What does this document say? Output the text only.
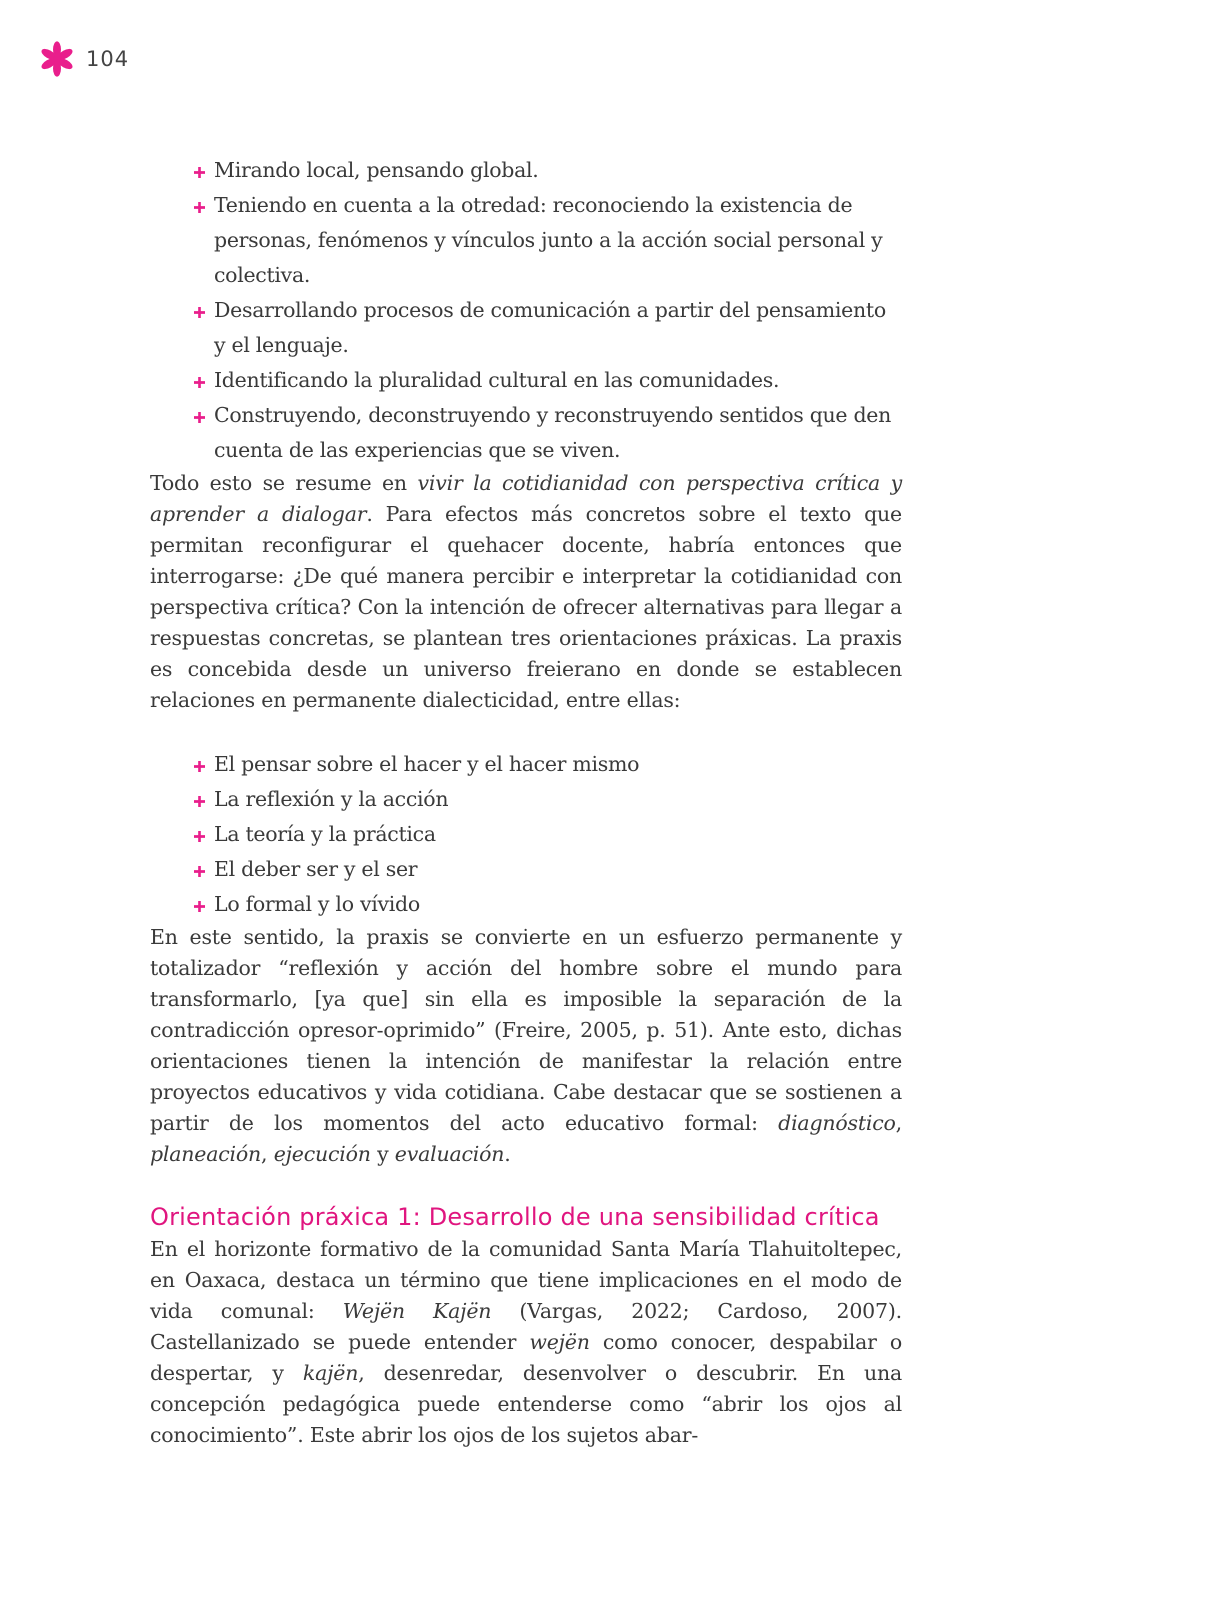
104
Mirando local, pensando global.
Teniendo en cuenta a la otredad: reconociendo la existencia de personas, fenómenos y vínculos junto a la acción social personal y colectiva.
Desarrollando procesos de comunicación a partir del pensamiento y el lenguaje.
Identificando la pluralidad cultural en las comunidades.
Construyendo, deconstruyendo y reconstruyendo sentidos que den cuenta de las experiencias que se viven.

Todo esto se resume en vivir la cotidianidad con perspectiva crítica y aprender a dialogar. Para efectos más concretos sobre el texto que permitan reconfigurar el quehacer docente, habría entonces que interrogarse: ¿De qué manera percibir e interpretar la cotidianidad con perspectiva crítica? Con la intención de ofrecer alternativas para llegar a respuestas concretas, se plantean tres orientaciones práxicas. La praxis es concebida desde un universo freierano en donde se establecen relaciones en permanente dialecticidad, entre ellas:

El pensar sobre el hacer y el hacer mismo
La reflexión y la acción
La teoría y la práctica
El deber ser y el ser
Lo formal y lo vívido

En este sentido, la praxis se convierte en un esfuerzo permanente y totalizador “reflexión y acción del hombre sobre el mundo para transformarlo, [ya que] sin ella es imposible la separación de la contradicción opresor-oprimido” (Freire, 2005, p. 51). Ante esto, dichas orientaciones tienen la intención de manifestar la relación entre proyectos educativos y vida cotidiana. Cabe destacar que se sostienen a partir de los momentos del acto educativo formal: diagnóstico, planeación, ejecución y evaluación.

Orientación práxica 1: Desarrollo de una sensibilidad crítica

En el horizonte formativo de la comunidad Santa María Tlahuitoltepec, en Oaxaca, destaca un término que tiene implicaciones en el modo de vida comunal: Wejën Kajën (Vargas, 2022; Cardoso, 2007). Castellanizado se puede entender wejën como conocer, despabilar o despertar, y kajën, desenredar, desenvolver o descubrir. En una concepción pedagógica puede entenderse como “abrir los ojos al conocimiento”. Este abrir los ojos de los sujetos abar-
